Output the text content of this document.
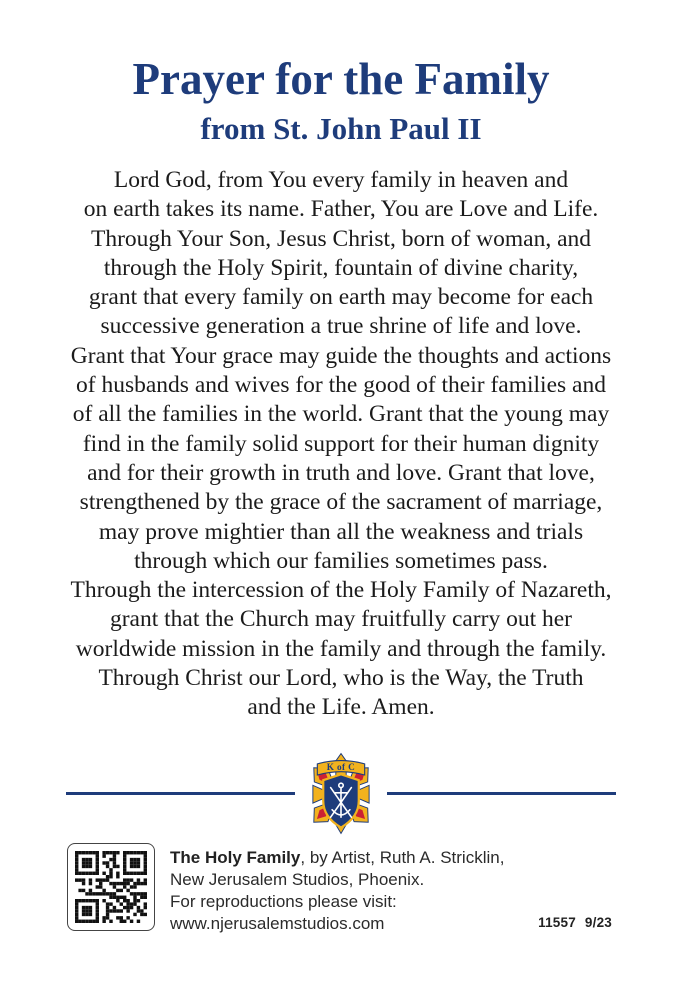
Prayer for the Family
from St. John Paul II
Lord God, from You every family in heaven and
on earth takes its name. Father, You are Love and Life.
Through Your Son, Jesus Christ, born of woman, and
through the Holy Spirit, fountain of divine charity,
grant that every family on earth may become for each
successive generation a true shrine of life and love.
Grant that Your grace may guide the thoughts and actions
of husbands and wives for the good of their families and
of all the families in the world. Grant that the young may
find in the family solid support for their human dignity
and for their growth in truth and love. Grant that love,
strengthened by the grace of the sacrament of marriage,
may prove mightier than all the weakness and trials
through which our families sometimes pass.
Through the intercession of the Holy Family of Nazareth,
grant that the Church may fruitfully carry out her
worldwide mission in the family and through the family.
Through Christ our Lord, who is the Way, the Truth
and the Life. Amen.
K of C
The Holy Family, by Artist, Ruth A. Stricklin,
New Jerusalem Studios, Phoenix.
For reproductions please visit:
www.njerusalemstudios.com	11557 9/23
